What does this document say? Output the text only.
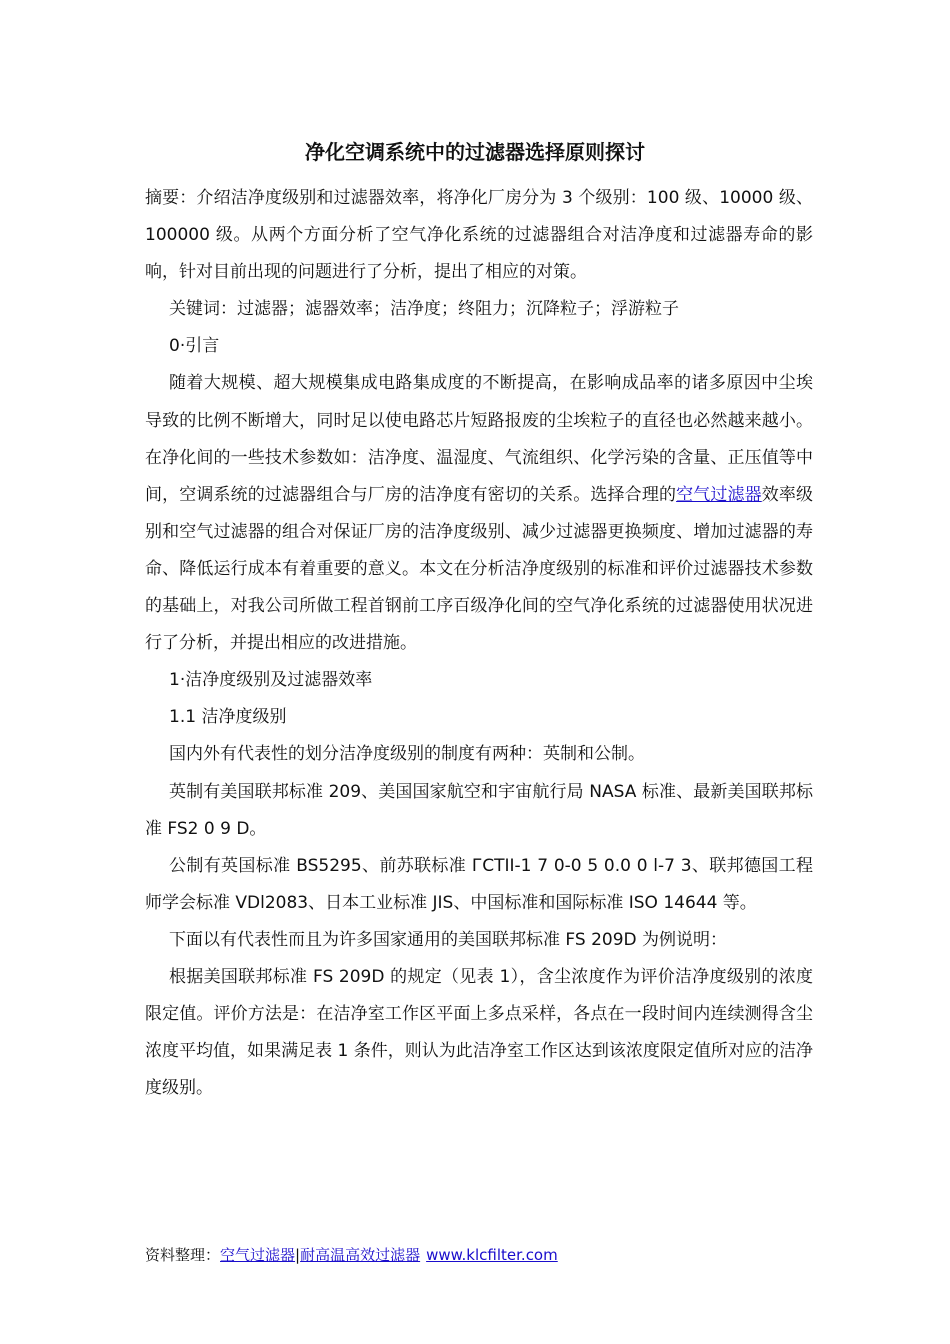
净化空调系统中的过滤器选择原则探讨

摘要：介绍洁净度级别和过滤器效率，将净化厂房分为 3 个级别：100 级、10000 级、100000 级。从两个方面分析了空气净化系统的过滤器组合对洁净度和过滤器寿命的影响，针对目前出现的问题进行了分析，提出了相应的对策。

关键词：过滤器；滤器效率；洁净度；终阻力；沉降粒子；浮游粒子

0·引言

随着大规模、超大规模集成电路集成度的不断提高，在影响成品率的诸多原因中尘埃导致的比例不断增大，同时足以使电路芯片短路报废的尘埃粒子的直径也必然越来越小。在净化间的一些技术参数如：洁净度、温湿度、气流组织、化学污染的含量、正压值等中间，空调系统的过滤器组合与厂房的洁净度有密切的关系。选择合理的空气过滤器效率级别和空气过滤器的组合对保证厂房的洁净度级别、减少过滤器更换频度、增加过滤器的寿命、降低运行成本有着重要的意义。本文在分析洁净度级别的标准和评价过滤器技术参数的基础上，对我公司所做工程首钢前工序百级净化间的空气净化系统的过滤器使用状况进行了分析，并提出相应的改进措施。

1·洁净度级别及过滤器效率

1.1 洁净度级别

国内外有代表性的划分洁净度级别的制度有两种：英制和公制。

英制有美国联邦标准 209、美国国家航空和宇宙航行局 NASA 标准、最新美国联邦标准 FS2 0 9 D。

公制有英国标准 BS5295、前苏联标准 ГСТII-1 7 0-0 5 0.0 0 l-7 3、联邦德国工程师学会标准 VDl2083、日本工业标准 JIS、中国标准和国际标准 ISO 14644 等。

下面以有代表性而且为许多国家通用的美国联邦标准 FS 209D 为例说明：

根据美国联邦标准 FS 209D 的规定（见表 1），含尘浓度作为评价洁净度级别的浓度限定值。评价方法是：在洁净室工作区平面上多点采样，各点在一段时间内连续测得含尘浓度平均值，如果满足表 1 条件，则认为此洁净室工作区达到该浓度限定值所对应的洁净度级别。

资料整理：空气过滤器|耐高温高效过滤器 www.klcfilter.com
